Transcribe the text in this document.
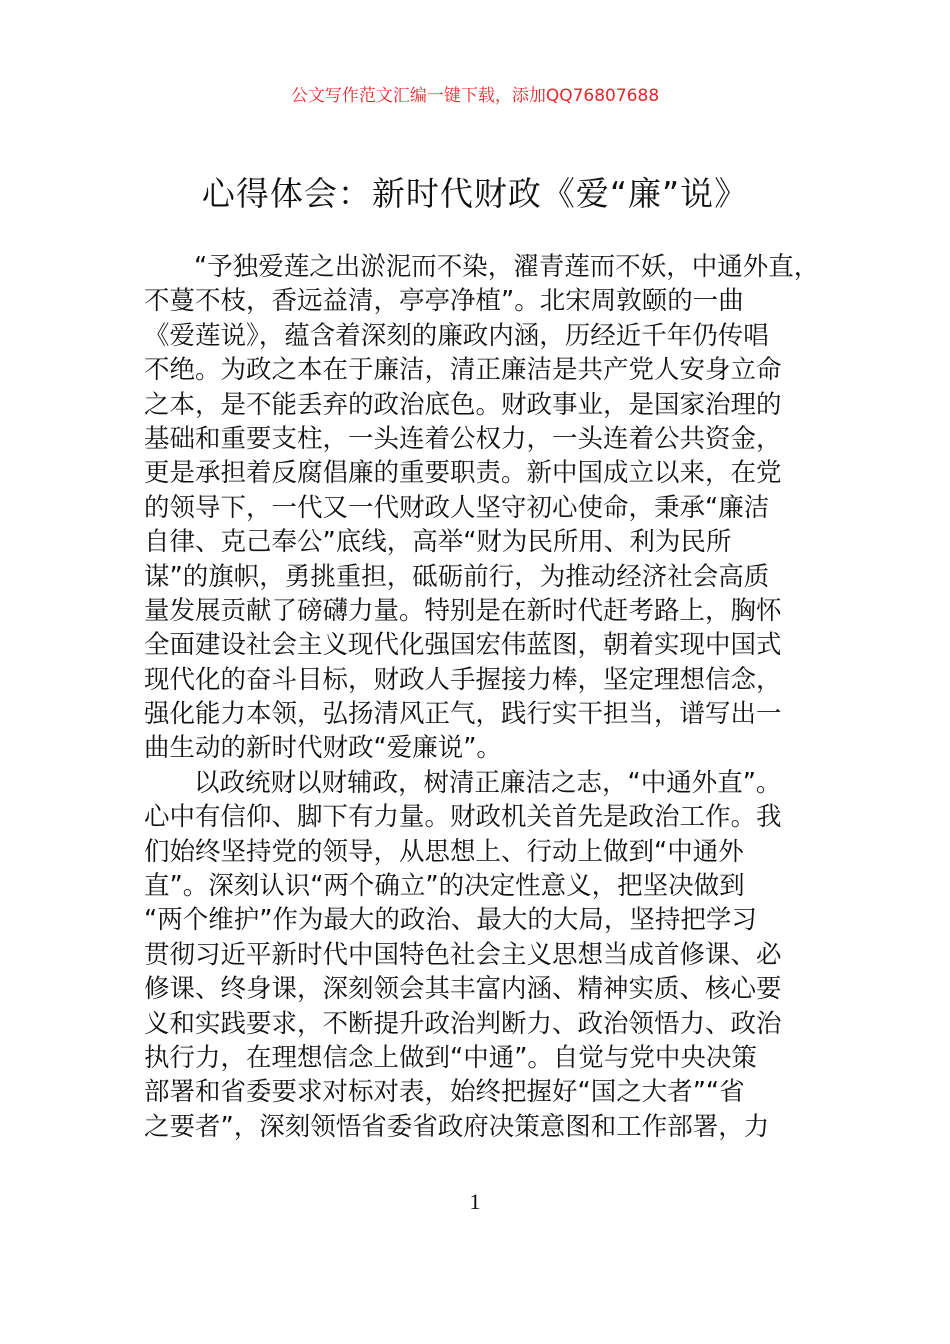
公文写作范文汇编一键下载，添加QQ76807688
心得体会：新时代财政《爱“廉”说》
“予独爱莲之出淤泥而不染，濯青莲而不妖，中通外直，
不蔓不枝，香远益清，亭亭净植”。北宋周敦颐的一曲
《爱莲说》，蕴含着深刻的廉政内涵，历经近千年仍传唱
不绝。为政之本在于廉洁，清正廉洁是共产党人安身立命
之本，是不能丢弃的政治底色。财政事业，是国家治理的
基础和重要支柱，一头连着公权力，一头连着公共资金，
更是承担着反腐倡廉的重要职责。新中国成立以来，在党
的领导下，一代又一代财政人坚守初心使命，秉承“廉洁
自律、克己奉公”底线，高举“财为民所用、利为民所
谋”的旗帜，勇挑重担，砥砺前行，为推动经济社会高质
量发展贡献了磅礴力量。特别是在新时代赶考路上，胸怀
全面建设社会主义现代化强国宏伟蓝图，朝着实现中国式
现代化的奋斗目标，财政人手握接力棒，坚定理想信念，
强化能力本领，弘扬清风正气，践行实干担当，谱写出一
曲生动的新时代财政“爱廉说”。
以政统财以财辅政，树清正廉洁之志，“中通外直”。
心中有信仰、脚下有力量。财政机关首先是政治工作。我
们始终坚持党的领导，从思想上、行动上做到“中通外
直”。深刻认识“两个确立”的决定性意义，把坚决做到
“两个维护”作为最大的政治、最大的大局，坚持把学习
贯彻习近平新时代中国特色社会主义思想当成首修课、必
修课、终身课，深刻领会其丰富内涵、精神实质、核心要
义和实践要求，不断提升政治判断力、政治领悟力、政治
执行力，在理想信念上做到“中通”。自觉与党中央决策
部署和省委要求对标对表，始终把握好“国之大者”“省
之要者”，深刻领悟省委省政府决策意图和工作部署，力
1
